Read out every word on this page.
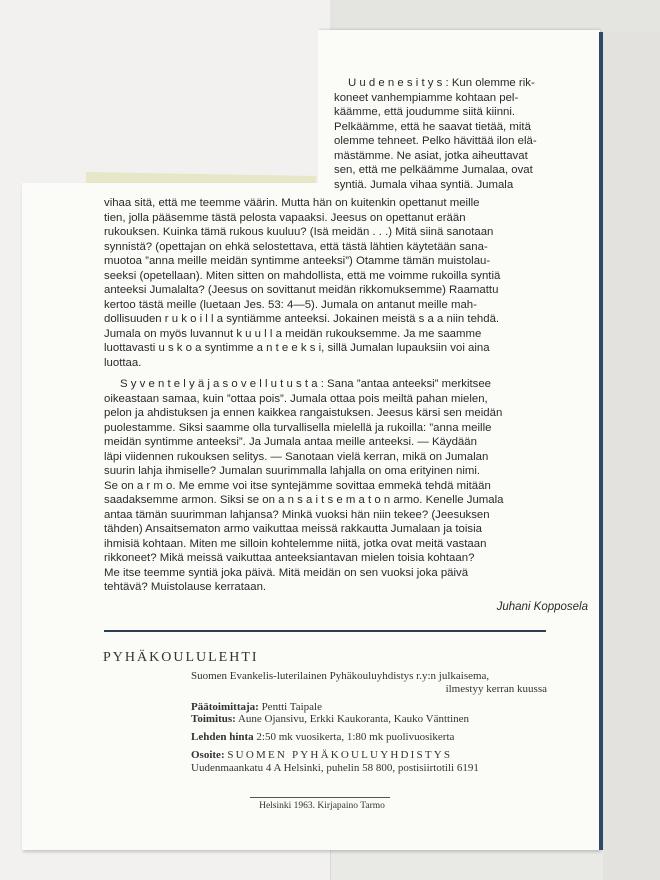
U u d e n e s i t y s : Kun olemme rik-
koneet vanhempiamme kohtaan pel-
käämme, että joudumme siitä kiinni.
Pelkäämme, että he saavat tietää, mitä
olemme tehneet. Pelko hävittää ilon elä-
mästämme. Ne asiat, jotka aiheuttavat
sen, että me pelkäämme Jumalaa, ovat
syntiä. Jumala vihaa syntiä. Jumala
vihaa sitä, että me teemme väärin. Mutta hän on kuitenkin opettanut meille
tien, jolla pääsemme tästä pelosta vapaaksi. Jeesus on opettanut erään
rukouksen. Kuinka tämä rukous kuuluu? (Isä meidän . . .) Mitä siinä sanotaan
synnistä? (opettajan on ehkä selostettava, että tästä lähtien käytetään sana-
muotoa ”anna meille meidän syntimme anteeksi”) Otamme tämän muistolau-
seeksi (opetellaan). Miten sitten on mahdollista, että me voimme rukoilla syntiä
anteeksi Jumalalta? (Jeesus on sovittanut meidän rikkomuksemme) Raamattu
kertoo tästä meille (luetaan Jes. 53: 4—5). Jumala on antanut meille mah-
dollisuuden r u k o i l l a syntiämme anteeksi. Jokainen meistä s a a niin tehdä.
Jumala on myös luvannut k u u l l a meidän rukouksemme. Ja me saamme
luottavasti u s k o a syntimme a n t e e k s i, sillä Jumalan lupauksiin voi aina
luottaa.
S y v e n t e l y ä j a s o v e l l u t u s t a : Sana ”antaa anteeksi” merkitsee
oikeastaan samaa, kuin ”ottaa pois”. Jumala ottaa pois meiltä pahan mielen,
pelon ja ahdistuksen ja ennen kaikkea rangaistuksen. Jeesus kärsi sen meidän
puolestamme. Siksi saamme olla turvallisella mielellä ja rukoilla: ”anna meille
meidän syntimme anteeksi”. Ja Jumala antaa meille anteeksi. — Käydään
läpi viidennen rukouksen selitys. — Sanotaan vielä kerran, mikä on Jumalan
suurin lahja ihmiselle? Jumalan suurimmalla lahjalla on oma erityinen nimi.
Se on a r m o. Me emme voi itse syntejämme sovittaa emmekä tehdä mitään
saadaksemme armon. Siksi se on a n s a i t s e m a t o n armo. Kenelle Jumala
antaa tämän suurimman lahjansa? Minkä vuoksi hän niin tekee? (Jeesuksen
tähden) Ansaitsematon armo vaikuttaa meissä rakkautta Jumalaan ja toisia
ihmisiä kohtaan. Miten me silloin kohtelemme niitä, jotka ovat meitä vastaan
rikkoneet? Mikä meissä vaikuttaa anteeksiantavan mielen toisia kohtaan?
Me itse teemme syntiä joka päivä. Mitä meidän on sen vuoksi joka päivä
tehtävä? Muistolause kerrataan.
Juhani Kopposela
PYHÄKOULULEHTI
Suomen Evankelis-luterilainen Pyhäkouluyhdistys r.y:n julkaisema,
ilmestyy kerran kuussa
Päätoimittaja: Pentti Taipale
Toimitus: Aune Ojansivu, Erkki Kaukoranta, Kauko Vänttinen
Lehden hinta 2:50 mk vuosikerta, 1:80 mk puolivuosikerta
Osoite: SUOMEN PYHÄKOULUYHDISTYS
Uudenmaankatu 4 A Helsinki, puhelin 58 800, postisiirtotili 6191
Helsinki 1963. Kirjapaino Tarmo
